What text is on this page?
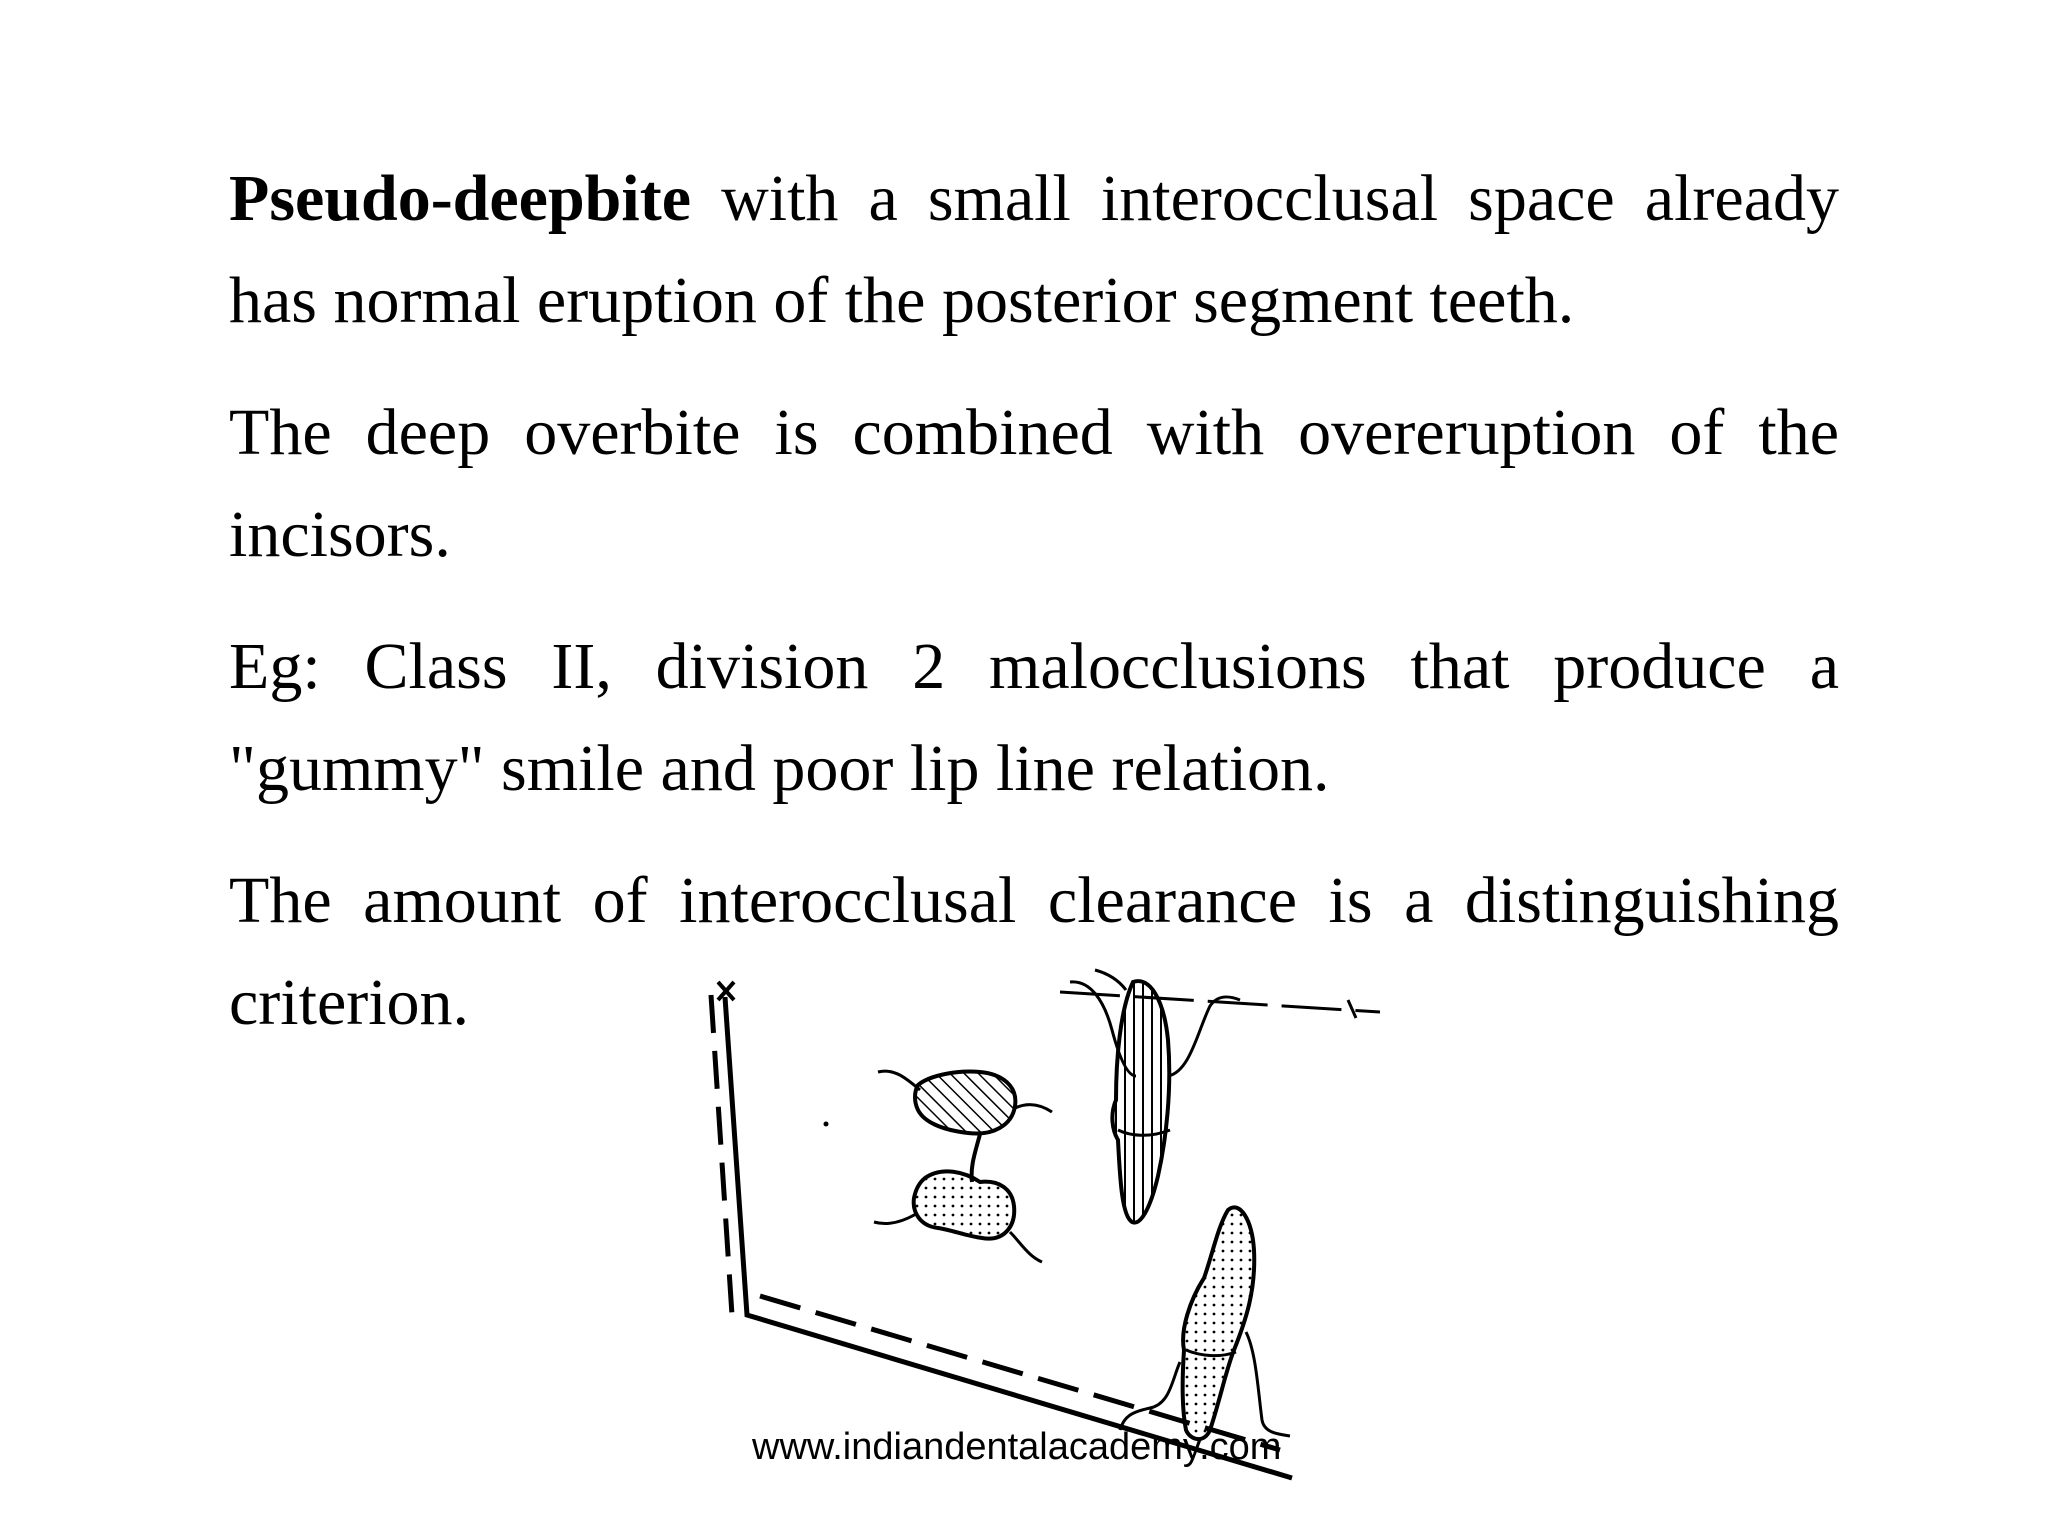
Pseudo-deepbite with a small interocclusal space already has normal eruption of the posterior segment teeth.

The deep overbite is combined with overeruption of the incisors.

Eg: Class II, division 2 malocclusions that produce a "gummy" smile and poor lip line relation.

The amount of interocclusal clearance is a distinguishing criterion.

www.indiandentalacademy.com
